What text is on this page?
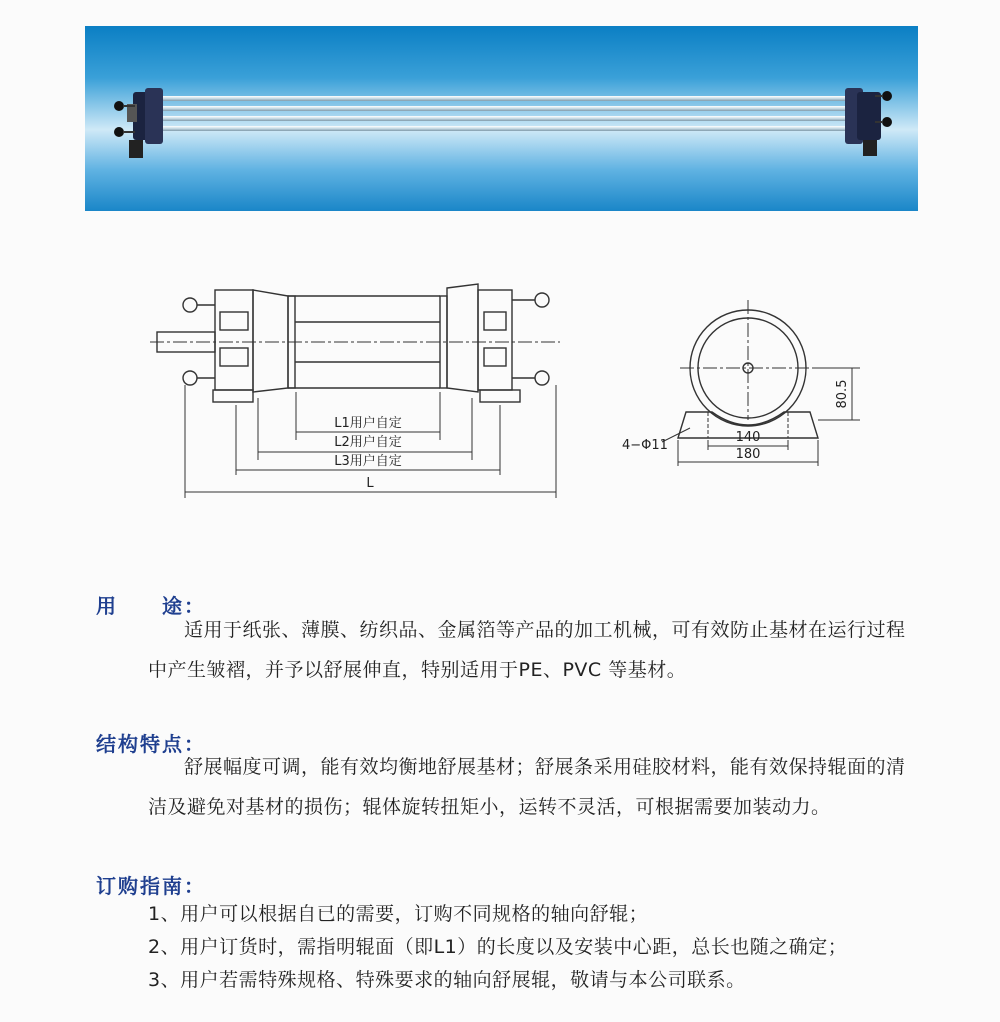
L1用户自定
L2用户自定
L3用户自定
L
4−Φ11
140
180
80.5
用　　途：
适用于纸张、薄膜、纺织品、金属箔等产品的加工机械，可有效防止基材在运行过程中产生皱褶，并予以舒展伸直，特别适用于PE、PVC 等基材。
结构特点：
舒展幅度可调，能有效均衡地舒展基材；舒展条采用硅胶材料，能有效保持辊面的清洁及避免对基材的损伤；辊体旋转扭矩小，运转不灵活，可根据需要加装动力。
订购指南：
1、用户可以根据自已的需要，订购不同规格的轴向舒辊；
2、用户订货时，需指明辊面（即L1）的长度以及安装中心距，总长也随之确定；
3、用户若需特殊规格、特殊要求的轴向舒展辊，敬请与本公司联系。
